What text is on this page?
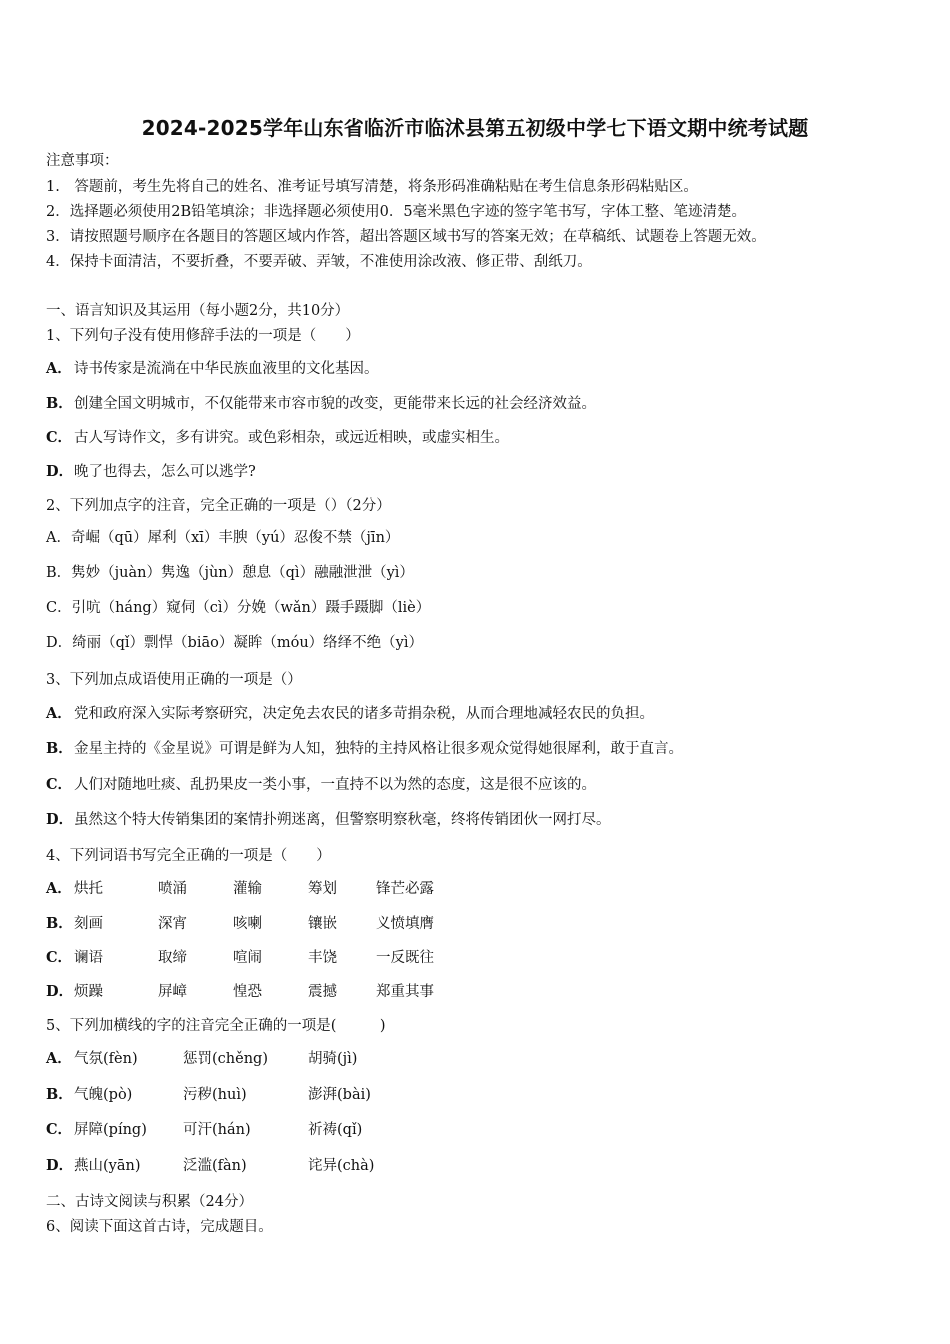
2024-2025学年山东省临沂市临沭县第五初级中学七下语文期中统考试题
注意事项：
1.　答题前，考生先将自己的姓名、准考证号填写清楚，将条形码准确粘贴在考生信息条形码粘贴区。
2．选择题必须使用2B铅笔填涂；非选择题必须使用0．5毫米黑色字迹的签字笔书写，字体工整、笔迹清楚。
3．请按照题号顺序在各题目的答题区域内作答，超出答题区域书写的答案无效；在草稿纸、试题卷上答题无效。
4．保持卡面清洁，不要折叠，不要弄破、弄皱，不准使用涂改液、修正带、刮纸刀。
一、语言知识及其运用（每小题2分，共10分）
1、下列句子没有使用修辞手法的一项是（　　）
A． 诗书传家是流淌在中华民族血液里的文化基因。
B．创建全国文明城市，不仅能带来市容市貌的改变，更能带来长远的社会经济效益。
C． 古人写诗作文，多有讲究。或色彩相杂，或远近相映，或虚实相生。
D．晚了也得去，怎么可以逃学?
2、下列加点字的注音，完全正确的一项是（）（2分）
A．奇崛（qū）犀利（xī）丰腴（yú）忍俊不禁（jīn）
B．隽妙（juàn）隽逸（jùn）憩息（qì）融融泄泄（yì）
C．引吭（háng）窥伺（cì）分娩（wǎn）蹑手蹑脚（liè）
D．绮丽（qǐ）剽悍（biāo）凝眸（móu）络绎不绝（yì）
3、下列加点成语使用正确的一项是（）
A． 党和政府深入实际考察研究，决定免去农民的诸多苛捐杂税，从而合理地减轻农民的负担。
B．金星主持的《金星说》可谓是鲜为人知，独特的主持风格让很多观众觉得她很犀利，敢于直言。
C． 人们对随地吐痰、乱扔果皮一类小事，一直持不以为然的态度，这是很不应该的。
D．虽然这个特大传销集团的案情扑朔迷离，但警察明察秋毫，终将传销团伙一网打尽。
4、下列词语书写完全正确的一项是（　　）
A． 烘托	喷涌	灌输	筹划	锋芒必露
B． 刻画	深宵	咳喇	镶嵌	义愤填膺
C． 谰语	取缔	喧闹	丰饶	一反既往
D． 烦躁	屏嶂	惶恐	震撼	郑重其事
5、下列加横线的字的注音完全正确的一项是(　　　)
A． 气氛(fèn)	惩罚(chěng)	胡骑(jì)
B． 气魄(pò)	污秽(huì)	澎湃(bài)
C． 屏障(píng) 可汗(hán)	祈祷(qǐ)
D． 燕山(yān)	泛滥(fàn)	诧异(chà)
二、古诗文阅读与积累（24分）
6、阅读下面这首古诗，完成题目。
